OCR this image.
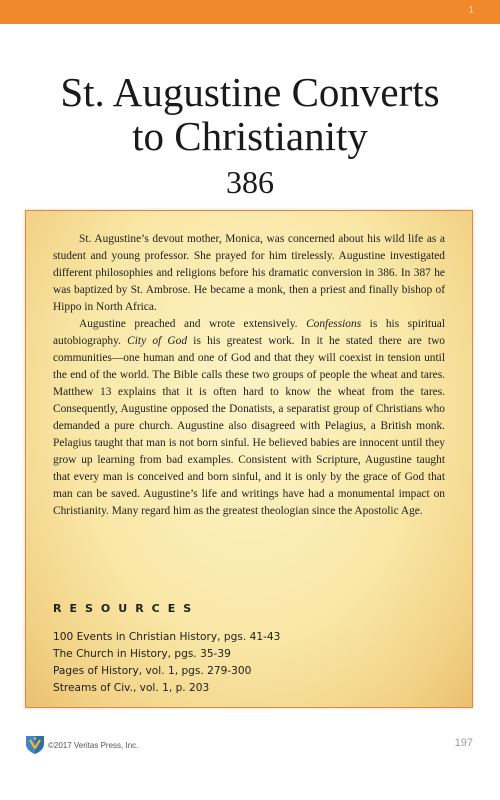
1
St. Augustine Converts
to Christianity
386

St. Augustine’s devout mother, Monica, was concerned about his wild life as a student and young professor. She prayed for him tirelessly. Augustine investigated different philosophies and religions before his dramatic conversion in 386. In 387 he was baptized by St. Ambrose. He became a monk, then a priest and finally bishop of Hippo in North Africa.

Augustine preached and wrote extensively. Confessions is his spiritual autobiography. City of God is his greatest work. In it he stated there are two communities—one human and one of God and that they will coexist in tension until the end of the world. The Bible calls these two groups of people the wheat and tares. Matthew 13 explains that it is often hard to know the wheat from the tares. Consequently, Augustine opposed the Donatists, a separatist group of Christians who demanded a pure church. Augustine also disagreed with Pelagius, a British monk. Pelagius taught that man is not born sinful. He believed babies are innocent until they grow up learning from bad examples. Consistent with Scripture, Augustine taught that every man is conceived and born sinful, and it is only by the grace of God that man can be saved. Augustine’s life and writings have had a monumental impact on Christianity. Many regard him as the greatest theologian since the Apostolic Age.

RESOURCES
100 Events in Christian History, pgs. 41-43
The Church in History, pgs. 35-39
Pages of History, vol. 1, pgs. 279-300
Streams of Civ., vol. 1, p. 203
©2017 Veritas Press, Inc.	197
